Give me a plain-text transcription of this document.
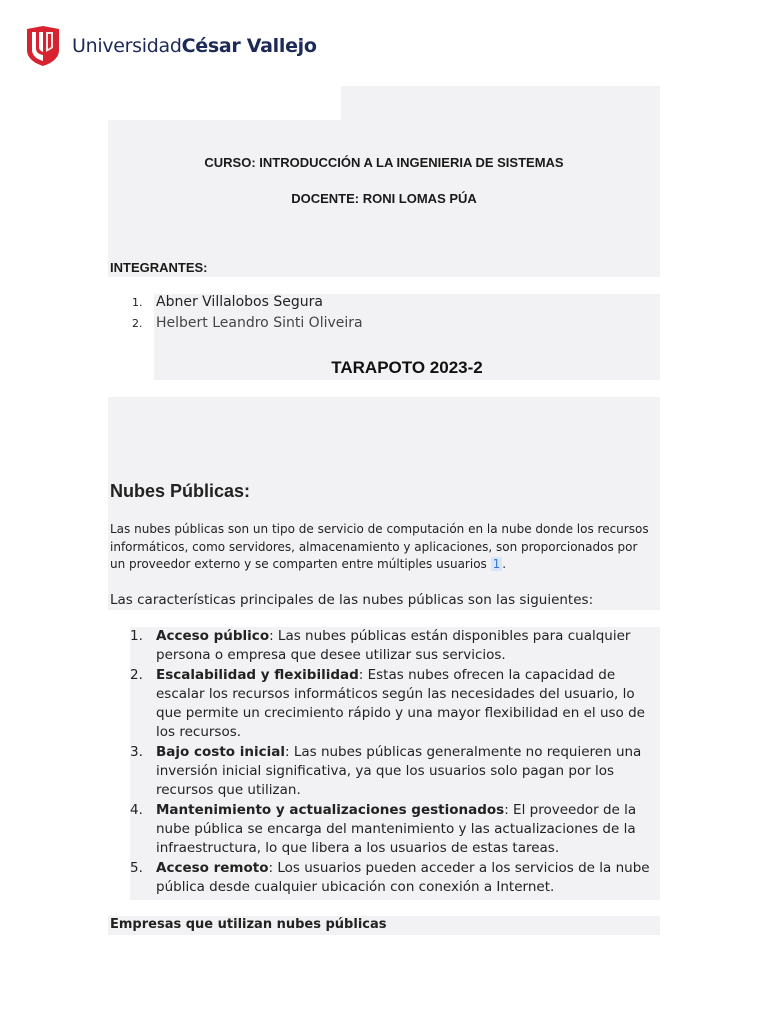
UniversidadCésar Vallejo
CURSO: INTRODUCCIÓN A LA INGENIERIA DE SISTEMAS
DOCENTE: RONI LOMAS PÚA
INTEGRANTES:
1. Abner Villalobos Segura
2. Helbert Leandro Sinti Oliveira
TARAPOTO 2023-2
Nubes Públicas:
Las nubes públicas son un tipo de servicio de computación en la nube donde los recursos informáticos, como servidores, almacenamiento y aplicaciones, son proporcionados por un proveedor externo y se comparten entre múltiples usuarios 1 .
Las características principales de las nubes públicas son las siguientes:
1. Acceso público: Las nubes públicas están disponibles para cualquier persona o empresa que desee utilizar sus servicios.
2. Escalabilidad y flexibilidad: Estas nubes ofrecen la capacidad de escalar los recursos informáticos según las necesidades del usuario, lo que permite un crecimiento rápido y una mayor flexibilidad en el uso de los recursos.
3. Bajo costo inicial: Las nubes públicas generalmente no requieren una inversión inicial significativa, ya que los usuarios solo pagan por los recursos que utilizan.
4. Mantenimiento y actualizaciones gestionados: El proveedor de la nube pública se encarga del mantenimiento y las actualizaciones de la infraestructura, lo que libera a los usuarios de estas tareas.
5. Acceso remoto: Los usuarios pueden acceder a los servicios de la nube pública desde cualquier ubicación con conexión a Internet.
Empresas que utilizan nubes públicas
